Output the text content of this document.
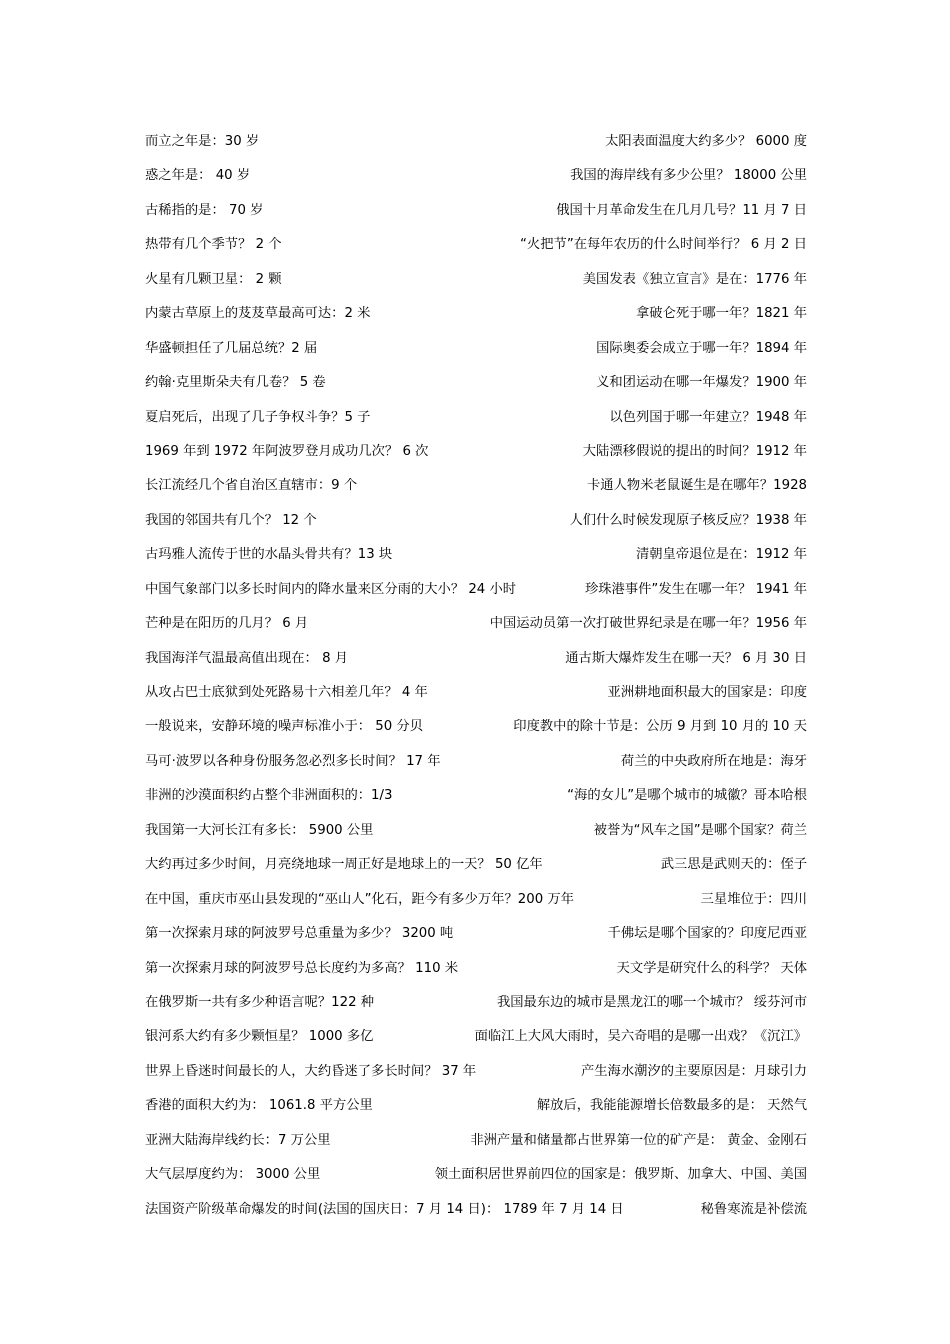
而立之年是：30 岁	太阳表面温度大约多少？ 6000 度
惑之年是： 40 岁	我国的海岸线有多少公里？ 18000 公里
古稀指的是： 70 岁	俄国十月革命发生在几月几号？11 月 7 日
热带有几个季节？ 2 个	“火把节”在每年农历的什么时间举行？ 6 月 2 日
火星有几颗卫星： 2 颗	美国发表《独立宣言》是在：1776 年
内蒙古草原上的芨芨草最高可达：2 米	拿破仑死于哪一年？1821 年
华盛顿担任了几届总统？2 届	国际奥委会成立于哪一年？1894 年
约翰·克里斯朵夫有几卷？ 5 卷	义和团运动在哪一年爆发？1900 年
夏启死后，出现了几子争权斗争？5 子	以色列国于哪一年建立？1948 年
1969 年到 1972 年阿波罗登月成功几次？ 6 次	大陆漂移假说的提出的时间？1912 年
长江流经几个省自治区直辖市：9 个	卡通人物米老鼠诞生是在哪年？1928
我国的邻国共有几个？ 12 个	人们什么时候发现原子核反应？1938 年
古玛雅人流传于世的水晶头骨共有？13 块	清朝皇帝退位是在：1912 年
中国气象部门以多长时间内的降水量来区分雨的大小？ 24 小时	珍珠港事件”发生在哪一年？ 1941 年
芒种是在阳历的几月？ 6 月	中国运动员第一次打破世界纪录是在哪一年？1956 年
我国海洋气温最高值出现在： 8 月	通古斯大爆炸发生在哪一天？ 6 月 30 日
从攻占巴士底狱到处死路易十六相差几年？ 4 年	亚洲耕地面积最大的国家是：印度
一般说来，安静环境的噪声标准小于： 50 分贝	印度教中的除十节是：公历 9 月到 10 月的 10 天
马可·波罗以各种身份服务忽必烈多长时间？ 17 年	荷兰的中央政府所在地是：海牙
非洲的沙漠面积约占整个非洲面积的：1/3	“海的女儿”是哪个城市的城徽？哥本哈根
我国第一大河长江有多长： 5900 公里	被誉为“风车之国”是哪个国家？荷兰
大约再过多少时间，月亮绕地球一周正好是地球上的一天？ 50 亿年	武三思是武则天的：侄子
在中国，重庆市巫山县发现的“巫山人”化石，距今有多少万年？200 万年	三星堆位于：四川
第一次探索月球的阿波罗号总重量为多少？ 3200 吨	千佛坛是哪个国家的？印度尼西亚
第一次探索月球的阿波罗号总长度约为多高？ 110 米	天文学是研究什么的科学？ 天体
在俄罗斯一共有多少种语言呢？122 种	我国最东边的城市是黑龙江的哪一个城市？ 绥芬河市
银河系大约有多少颗恒星？ 1000 多亿	面临江上大风大雨时，吴六奇唱的是哪一出戏？《沉江》
世界上昏迷时间最长的人，大约昏迷了多长时间？ 37 年	产生海水潮汐的主要原因是：月球引力
香港的面积大约为： 1061.8 平方公里	解放后，我能能源增长倍数最多的是： 天然气
亚洲大陆海岸线约长：7 万公里	非洲产量和储量都占世界第一位的矿产是： 黄金、金刚石
大气层厚度约为： 3000 公里	领土面积居世界前四位的国家是：俄罗斯、加拿大、中国、美国
法国资产阶级革命爆发的时间(法国的国庆日：7 月 14 日)： 1789 年 7 月 14 日	秘鲁寒流是补偿流
